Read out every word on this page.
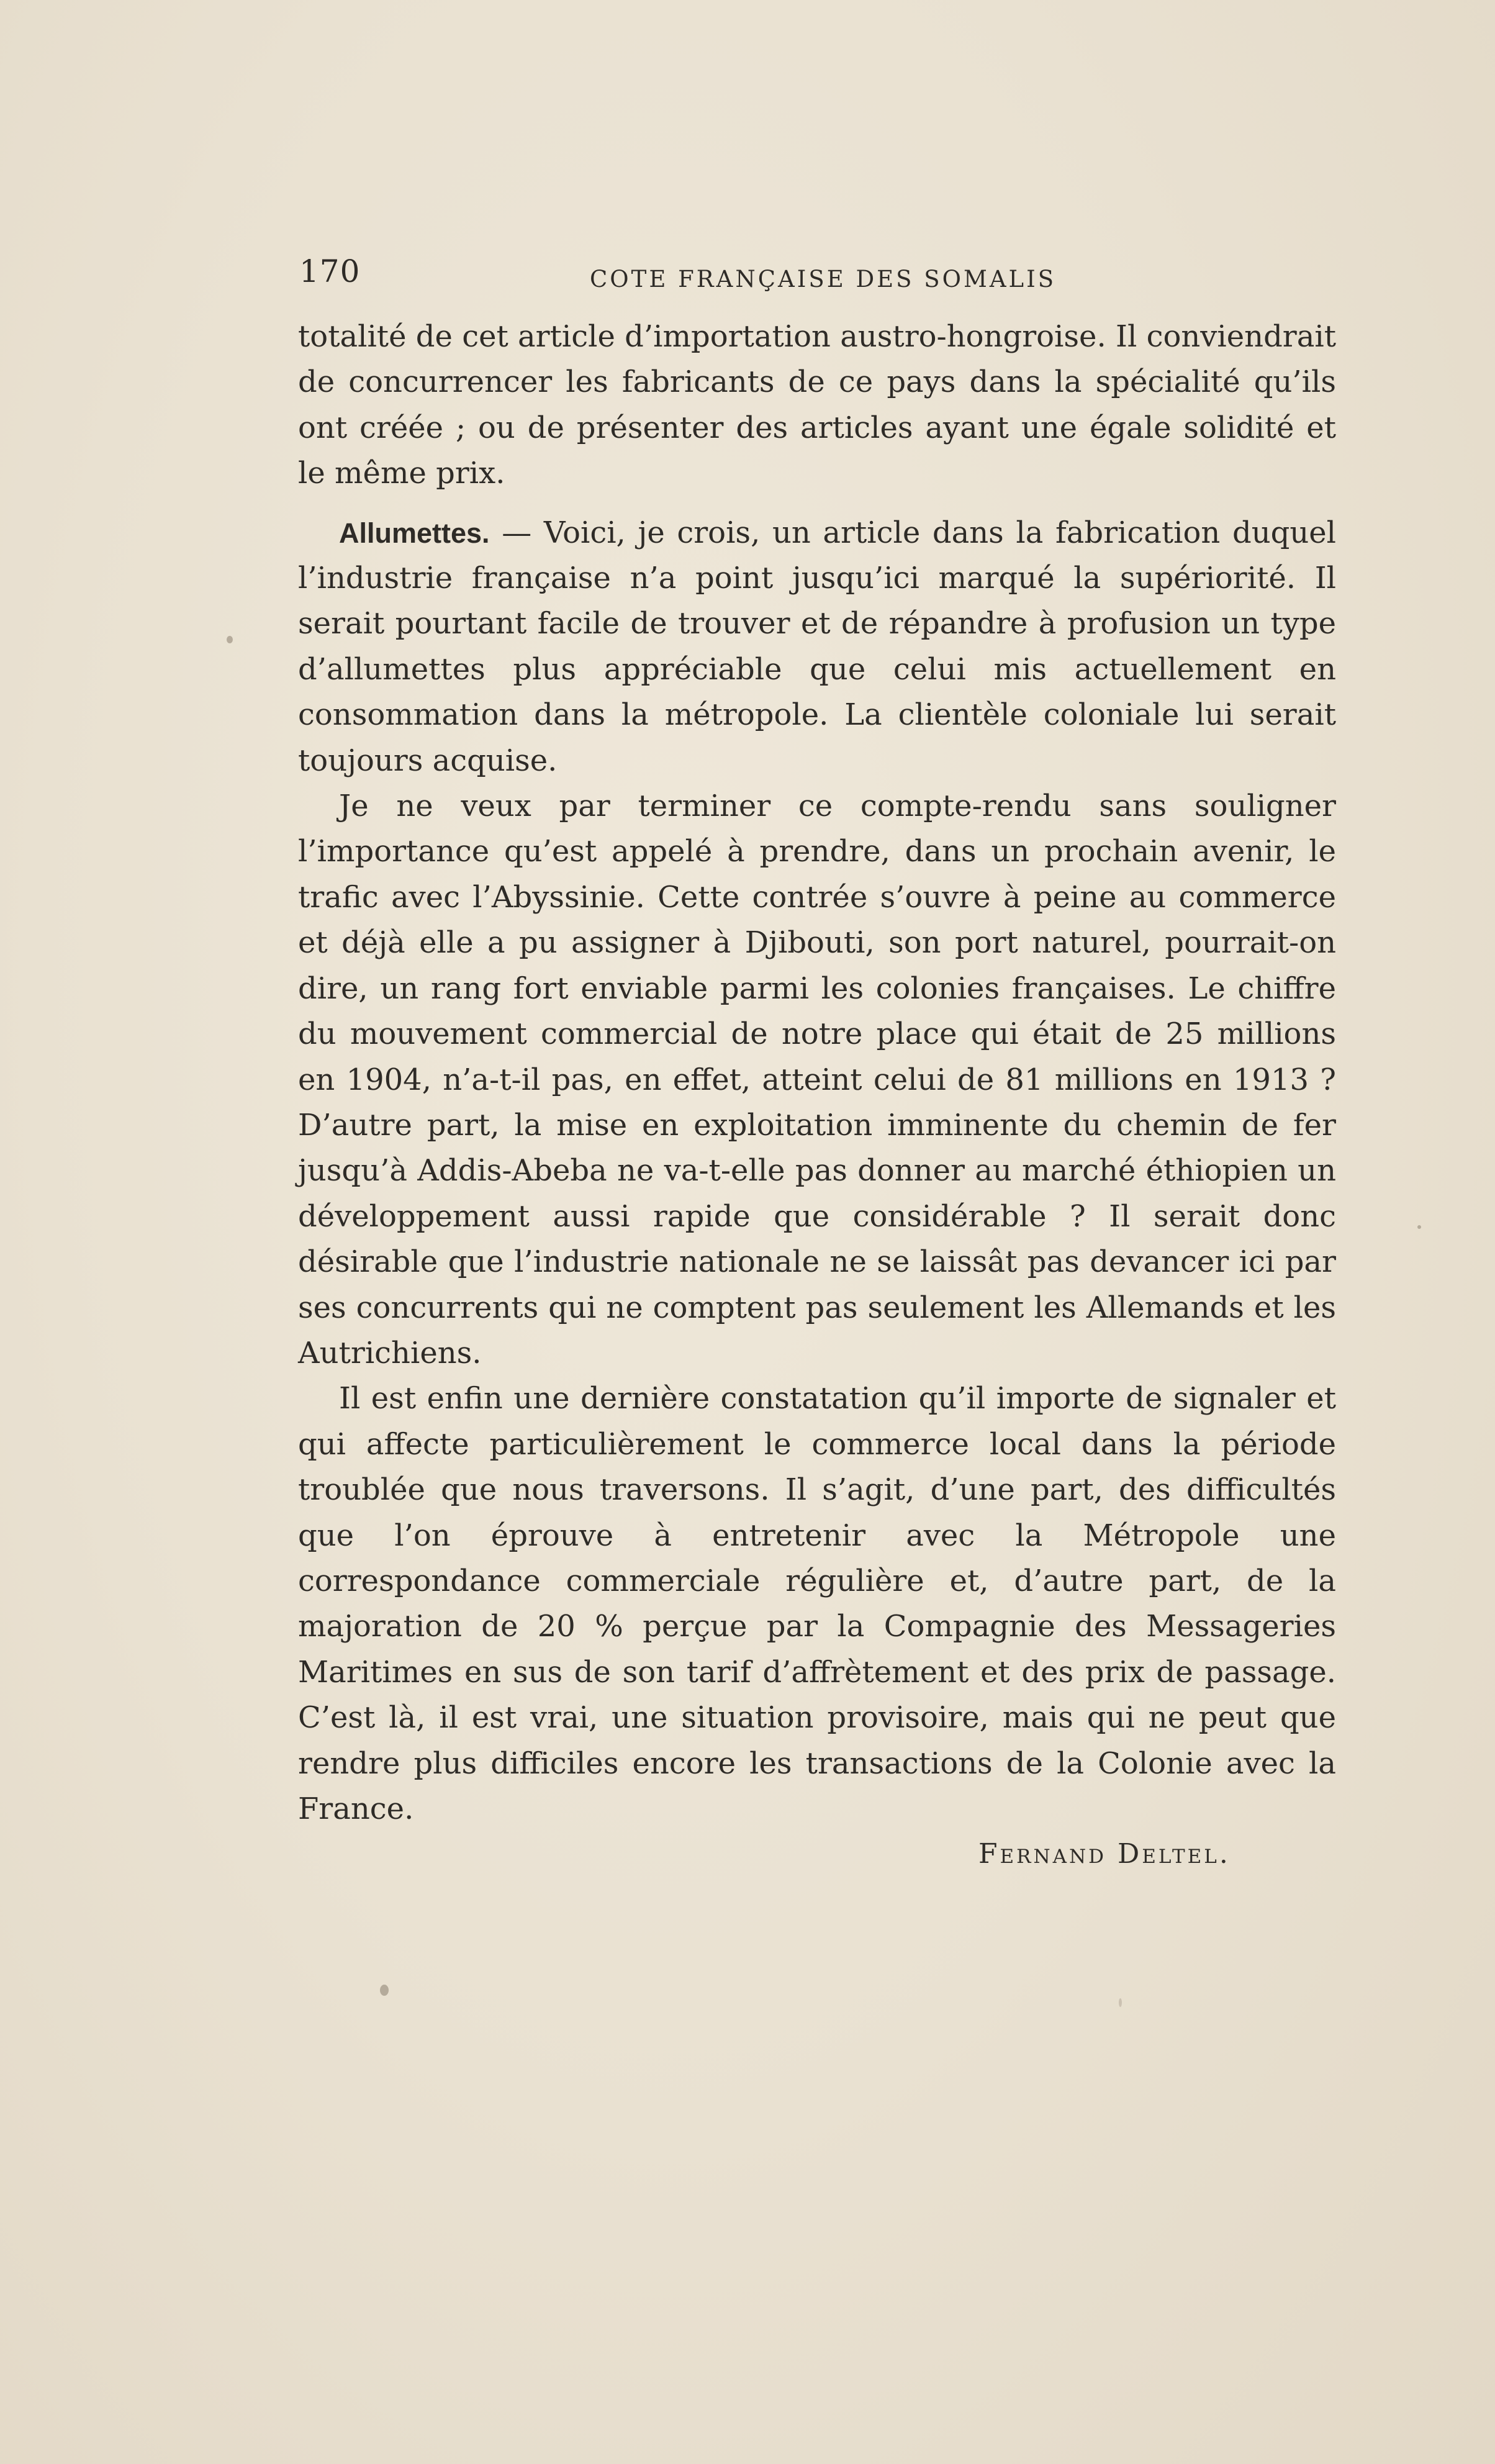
170	COTE FRANÇAISE DES SOMALIS

totalité de cet article d’importation austro-hongroise. Il conviendrait de concurrencer les fabricants de ce pays dans la spécialité qu’ils ont créée ; ou de présenter des articles ayant une égale solidité et le même prix.

Allumettes. — Voici, je crois, un article dans la fabrication duquel l’industrie française n’a point jusqu’ici marqué la supériorité. Il serait pourtant facile de trouver et de répandre à profusion un type d’allumettes plus appréciable que celui mis actuellement en consommation dans la métropole. La clientèle coloniale lui serait toujours acquise.

Je ne veux par terminer ce compte-rendu sans souligner l’importance qu’est appelé à prendre, dans un prochain avenir, le trafic avec l’Abyssinie. Cette contrée s’ouvre à peine au commerce et déjà elle a pu assigner à Djibouti, son port naturel, pourrait-on dire, un rang fort enviable parmi les colonies françaises. Le chiffre du mouvement commercial de notre place qui était de 25 millions en 1904, n’a-t-il pas, en effet, atteint celui de 81 millions en 1913 ? D’autre part, la mise en exploitation imminente du chemin de fer jusqu’à Addis-Abeba ne va-t-elle pas donner au marché éthiopien un développement aussi rapide que considérable ? Il serait donc désirable que l’industrie nationale ne se laissât pas devancer ici par ses concurrents qui ne comptent pas seulement les Allemands et les Autrichiens.

Il est enfin une dernière constatation qu’il importe de signaler et qui affecte particulièrement le commerce local dans la période troublée que nous traversons. Il s’agit, d’une part, des difficultés que l’on éprouve à entretenir avec la Métropole une correspondance commerciale régulière et, d’autre part, de la majoration de 20 % perçue par la Compagnie des Messageries Maritimes en sus de son tarif d’affrètement et des prix de passage. C’est là, il est vrai, une situation provisoire, mais qui ne peut que rendre plus difficiles encore les transactions de la Colonie avec la France.

Fernand Deltel.
